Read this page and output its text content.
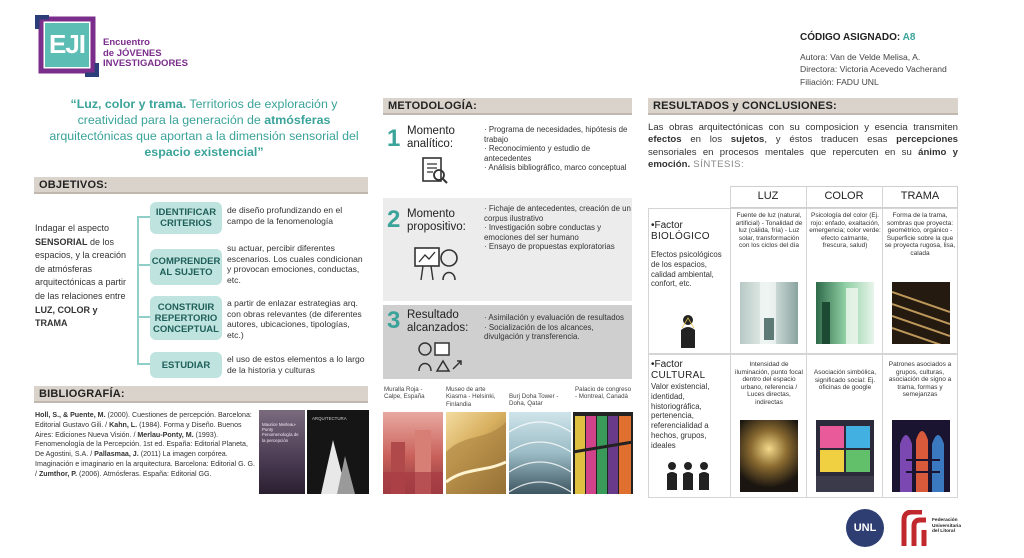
EJI Encuentro
de JÓVENES
INVESTIGADORES
CÓDIGO ASIGNADO: A8
Autora: Van de Velde Melisa, A.
Directora: Victoria Acevedo Vacherand
Filiación: FADU UNL
“Luz, color y trama. Territorios de exploración y creatividad para la generación de atmósferas arquitectónicas que aportan a la dimensión sensorial del espacio existencial”
OBJETIVOS:
Indagar el aspecto SENSORIAL de los espacios, y la creación de atmósferas arquitectónicas a partir de las relaciones entre LUZ, COLOR y TRAMA
IDENTIFICAR CRITERIOS
de diseño profundizando en el campo de la fenomenología
COMPRENDER AL SUJETO
su actuar, percibir diferentes escenarios. Los cuales condicionan y provocan emociones, conductas, etc.
CONSTRUIR REPERTORIO CONCEPTUAL
a partir de enlazar estrategias arq. con obras relevantes (de diferentes autores, ubicaciones, tipologías, etc.)
ESTUDIAR
el uso de estos elementos a lo largo de la historia y culturas
BIBLIOGRAFÍA:
Holl, S., & Puente, M. (2000). Cuestiones de percepción. Barcelona: Editorial Gustavo Gili. / Kahn, L. (1984). Forma y Diseño. Buenos Aires: Ediciones Nueva Visión. / Merlau-Ponty, M. (1993). Fenomenología de la Percepción. 1st ed. España: Editorial Planeta, De Agostini, S.A. / Pallasmaa, J. (2011) La imagen corpórea. Imaginación e imaginario en la arquitectura. Barcelona: Editorial G. G. / Zumthor, P. (2006). Atmósferas. España: Editorial GG.
Maurice Merleau-Ponty Fenomenología de la percepción
ARQUITECTURA
METODOLOGÍA:
1 Momento
analítico:
· Programa de necesidades, hipótesis de trabajo
· Reconocimiento y estudio de antecedentes
· Análisis bibliográfico, marco conceptual
2 Momento
propositivo:
· Fichaje de antecedentes, creación de un corpus ilustrativo
· Investigación sobre conductas y emociones del ser humano
· Ensayo de propuestas exploratorias
3 Resultado
alcanzados:
· Asimilación y evaluación de resultados
· Socialización de los alcances, divulgación y transferencia.
Muralla Roja - Calpe, España
Museo de arte Kiasma - Helsinki, Finlandia
Burj Doha Tower - Doha, Qatar
Palacio de congreso - Montreal, Canadá
RESULTADOS y CONCLUSIONES:
Las obras arquitectónicas con su composicion y esencia transmiten efectos en los sujetos, y éstos traducen esas percepciones sensoriales en procesos mentales que repercuten en su ánimo y emoción. SÍNTESIS:
LUZ	COLOR	TRAMA
•Factor
BIOLÓGICO
Efectos psicológicos de los espacios, calidad ambiental, confort, etc.
Fuente de luz (natural, artificial) - Tonalidad de luz (cálida, fría) - Luz solar, transformación con los ciclos del día
Psicología del color (Ej. rojo: enfado, exaltación, emergencia; color verde: efecto calmante, frescura, salud)
Forma de la trama, sombras que proyecta: geométrico, orgánico - Superficie sobre la que se proyecta rugosa, lisa, calada
•Factor
CULTURAL
Valor existencial, identidad, historiográfica, pertenencia, referencialidad a hechos, grupos, ideales
Intensidad de iluminación, punto focal dentro del espacio urbano, referencia / Luces directas, indirectas
Asociación simbólica, significado social: Ej. oficinas de google
Patrones asociados a grupos, culturas, asociación de signo a trama, formas y semejanzas
UNL
Federación
Universitaria
del Litoral
